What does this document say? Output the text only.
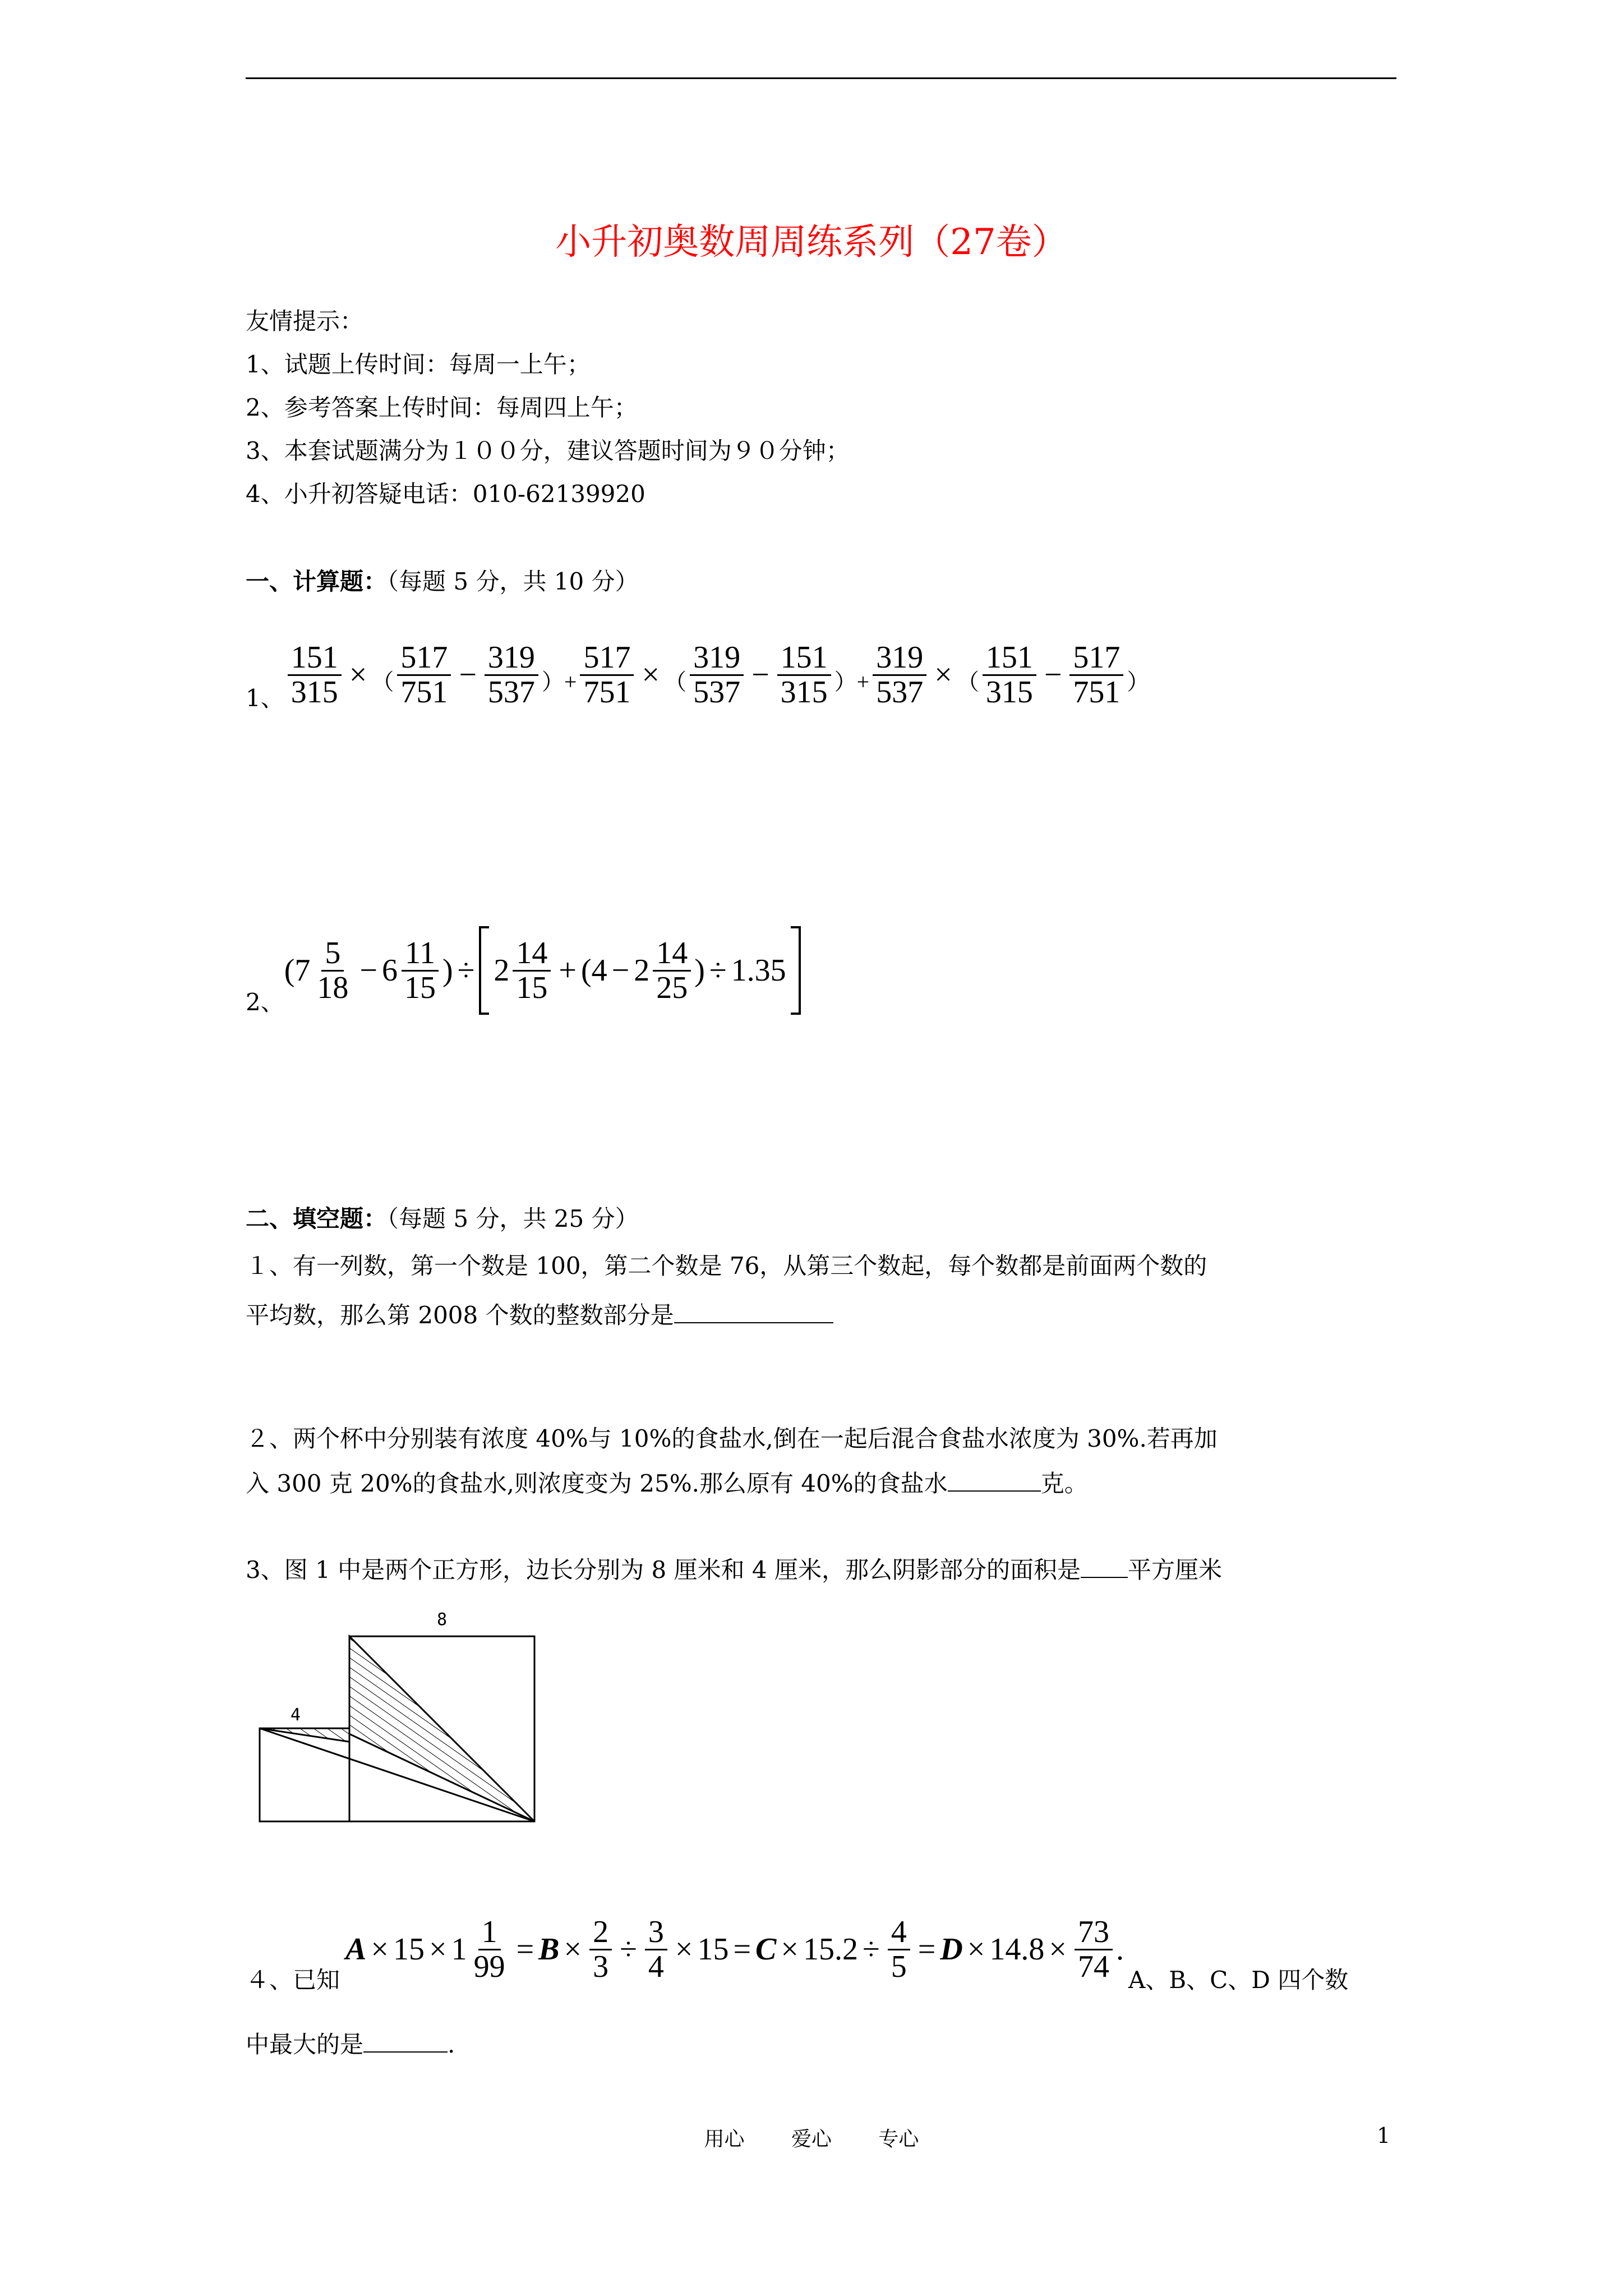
小升初奥数周周练系列（27卷）
友情提示：
1、试题上传时间：每周一上午；
2、参考答案上传时间：每周四上午；
3、本套试题满分为１００分，建议答题时间为９０分钟；
4、小升初答疑电话：010-62139920
一、计算题：（每题 5 分，共 10 分）
1、 $\frac{151}{315}$ × （ $\frac{517}{751} - \frac{319}{537}$ ）+ $\frac{517}{751}$ × （ $\frac{319}{537} - \frac{151}{315}$ ）+ $\frac{319}{537}$ × （ $\frac{151}{315} - \frac{517}{751}$ ）
2、
( $7 \frac{5}{18} - 6 \frac{11}{15}$ ) ÷ $2 \frac{14}{15}$ + ( $4 - 2 \frac{14}{25}$ ) ÷ 1.35
二、填空题：（每题 5 分，共 25 分）
１、有一列数，第一个数是 100，第二个数是 76，从第三个数起，每个数都是前面两个数的
平均数，那么第 2008 个数的整数部分是
２、两个杯中分别装有浓度 40%与 10%的食盐水,倒在一起后混合食盐水浓度为 30%.若再加
入 300 克 20%的食盐水,则浓度变为 25%.那么原有 40%的食盐水	克。
3、图 1 中是两个正方形，边长分别为 8 厘米和 4 厘米，那么阴影部分的面积是 平方厘米
8
4
４、已知
$A \times 15 \times 1 \frac{1}{99} = B \times \frac{2}{3} \div \frac{3}{4} \times 15 = C \times 15.2 \div \frac{4}{5} = D \times 14.8 \times \frac{73}{74}$ .
A、B、C、D 四个数
中最大的是	.
用心　　 爱心　　 专心	1
